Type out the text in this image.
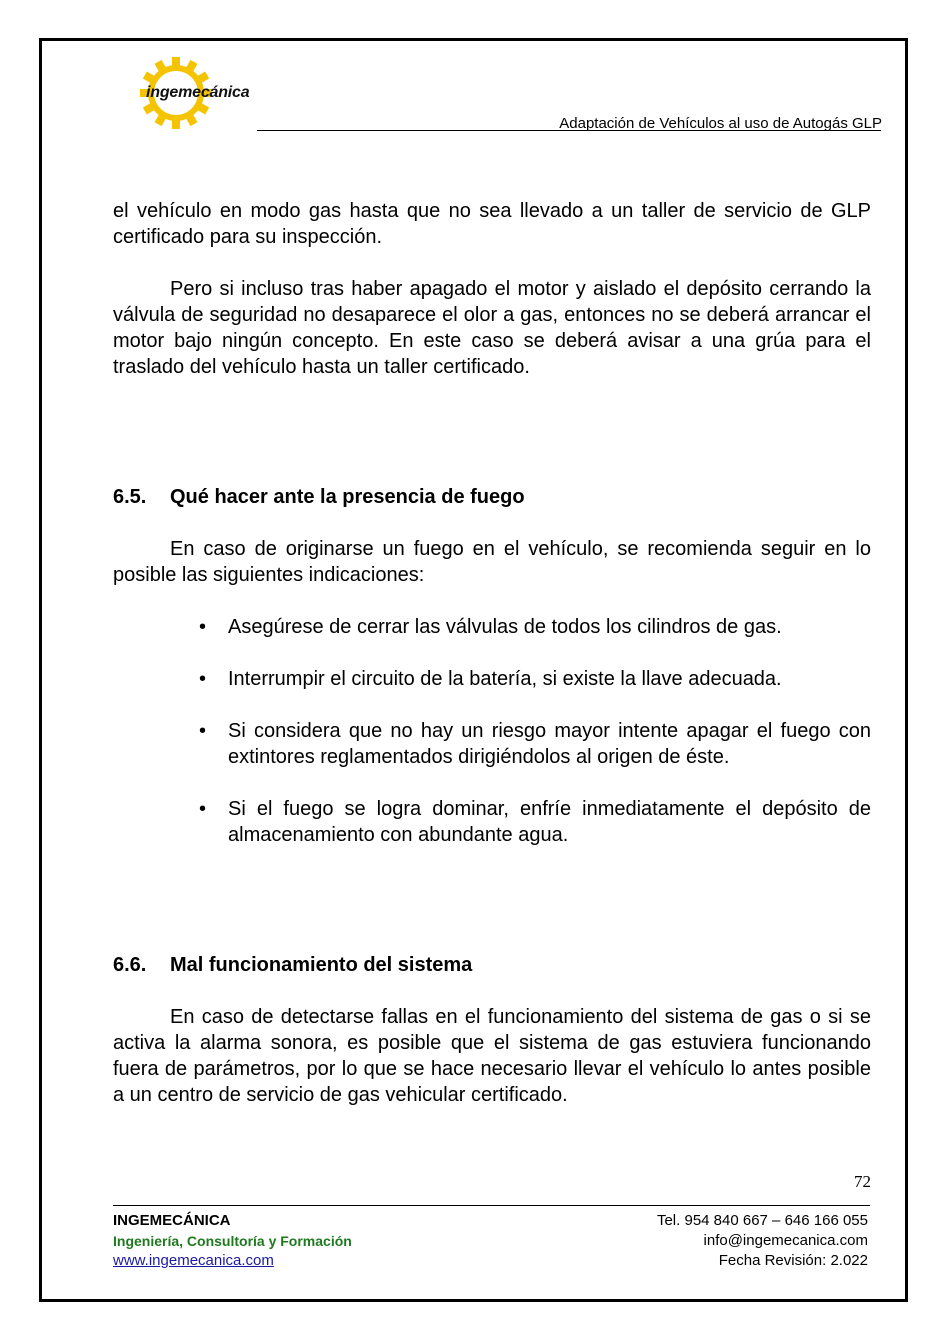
ingemecánica
Adaptación de Vehículos al uso de Autogás GLP

el vehículo en modo gas hasta que no sea llevado a un taller de servicio de GLP certificado para su inspección.

Pero si incluso tras haber apagado el motor y aislado el depósito cerrando la válvula de seguridad no desaparece el olor a gas, entonces no se deberá arrancar el motor bajo ningún concepto. En este caso se deberá avisar a una grúa para el traslado del vehículo hasta un taller certificado.

6.5. Qué hacer ante la presencia de fuego

En caso de originarse un fuego en el vehículo, se recomienda seguir en lo posible las siguientes indicaciones:

• Asegúrese de cerrar las válvulas de todos los cilindros de gas.
• Interrumpir el circuito de la batería, si existe la llave adecuada.
• Si considera que no hay un riesgo mayor intente apagar el fuego con extintores reglamentados dirigiéndolos al origen de éste.
• Si el fuego se logra dominar, enfríe inmediatamente el depósito de almacenamiento con abundante agua.
6.6. Mal funcionamiento del sistema

En caso de detectarse fallas en el funcionamiento del sistema de gas o si se activa la alarma sonora, es posible que el sistema de gas estuviera funcionando fuera de parámetros, por lo que se hace necesario llevar el vehículo lo antes posible a un centro de servicio de gas vehicular certificado.

72
INGEMECÁNICA
Ingeniería, Consultoría y Formación
www.ingemecanica.com
Tel. 954 840 667 – 646 166 055
info@ingemecanica.com
Fecha Revisión: 2.022
